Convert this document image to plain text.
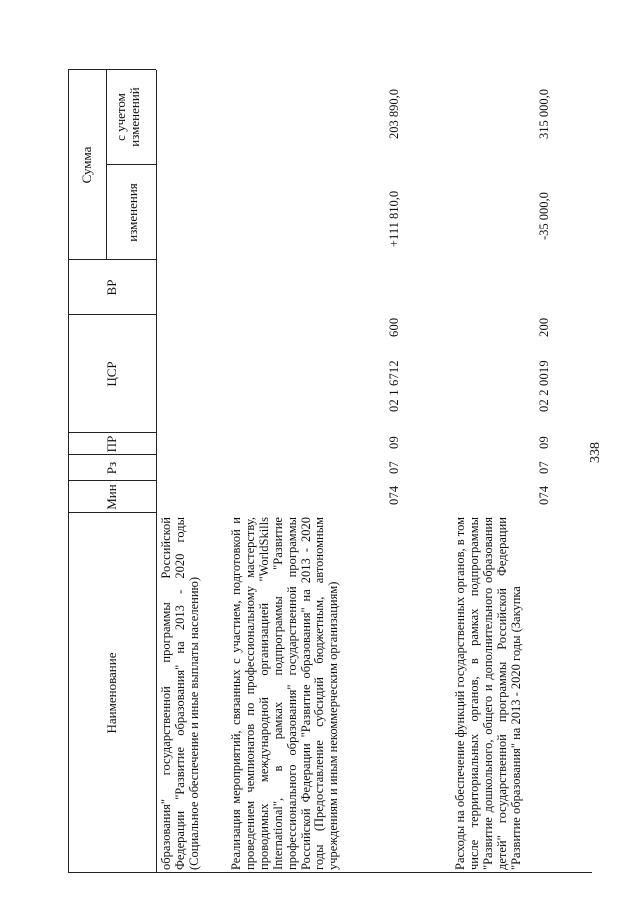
338
Наименование
Мин
Рз
ПР
ЦСР
ВР
Сумма
изменения
с учетом изменений
образования" государственной программы Российской Федерации "Развитие образования" на 2013 - 2020 годы (Социальное обеспечение и иные выплаты населению) Реализация мероприятий, связанных с участием, подготовкой и проведением чемпионатов по профессиональному мастерству, проводимых международной организацией "WorldSkills International", в рамках подпрограммы "Развитие профессионального образования" государственной программы Российской Федерации "Развитие образования" на 2013 - 2020 годы (Предоставление субсидий бюджетным, автономным учреждениям и иным некоммерческим организациям)
074
07
09
02 1 6712
600
+111 810,0
203 890,0
Расходы на обеспечение функций государственных органов, в том числе территориальных органов, в рамках подпрограммы "Развитие дошкольного, общего и дополнительного образования детей" государственной программы Российской Федерации "Развитие образования" на 2013 - 2020 годы (Закупка
074
07
09
02 2 0019
200
-35 000,0
315 000,0
